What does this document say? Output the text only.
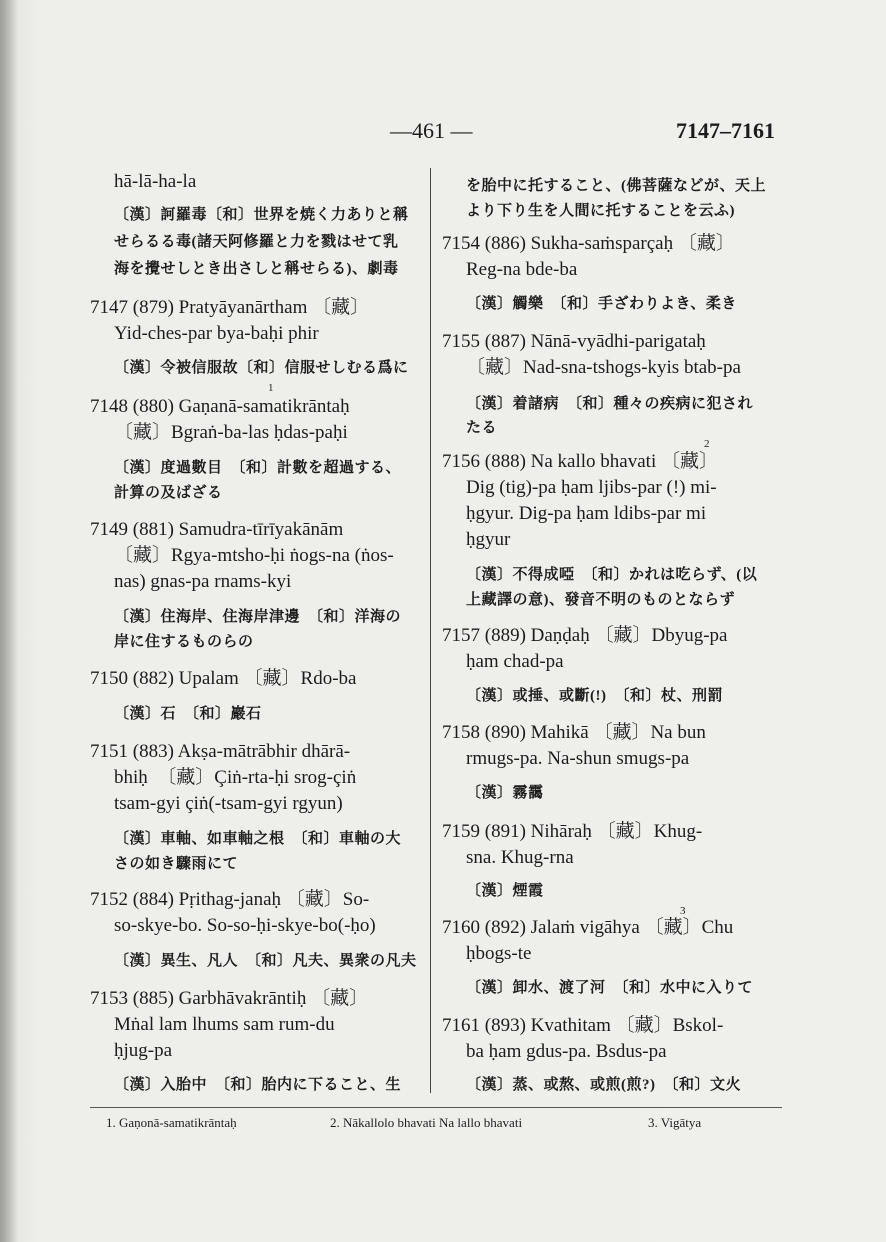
—461 —	7147–7161
hā-lā-ha-la
〔漢〕訶羅毒〔和〕世界を焼く力ありと稱
せらるる毒(諸天阿修羅と力を戮はせて乳
海を攪せしとき出さしと稱せらる)、劇毒
7147 (879) Pratyāyanārtham 〔藏〕
Yid-ches-par bya-baḥi phir
〔漢〕令被信服故〔和〕信服せしむる爲に
1
7148 (880) Gaṇanā-samatikrāntaḥ
〔藏〕Bgraṅ-ba-las ḥdas-paḥi
〔漢〕度過數目　〔和〕計數を超過する、
計算の及ばざる
7149 (881) Samudra-tīrīyakānām
〔藏〕Rgya-mtsho-ḥi ṅogs-na (ṅos-
nas) gnas-pa rnams-kyi
〔漢〕住海岸、住海岸津邊　〔和〕洋海の
岸に住するものらの
7150 (882) Upalam 〔藏〕Rdo-ba
〔漢〕石　〔和〕巖石
7151 (883) Akṣa-mātrābhir dhārā-
bhiḥ　〔藏〕Çiṅ-rta-ḥi srog-çiṅ
tsam-gyi çiṅ(-tsam-gyi rgyun)
〔漢〕車軸、如車軸之根　〔和〕車軸の大
さの如き驟雨にて
7152 (884) Pṛithag-janaḥ 〔藏〕So-
so-skye-bo. So-so-ḥi-skye-bo(-ḥo)
〔漢〕異生、凡人　〔和〕凡夫、異衆の凡夫
7153 (885) Garbhāvakrāntiḥ 〔藏〕
Mṅal lam lhums sam rum-du
ḥjug-pa
〔漢〕入胎中　〔和〕胎内に下ること、生
を胎中に托すること、(佛菩薩などが、天上
より下り生を人間に托することを云ふ)
7154 (886) Sukha-saṁsparçaḥ 〔藏〕
Reg-na bde-ba
〔漢〕觸樂　〔和〕手ざわりよき、柔き
7155 (887) Nānā-vyādhi-parigataḥ
〔藏〕Nad-sna-tshogs-kyis btab-pa
〔漢〕着諸病　〔和〕種々の疾病に犯され
たる
2
7156 (888) Na kallo bhavati 〔藏〕
Dig (tig)-pa ḥam ljibs-par (!) mi-
ḥgyur. Dig-pa ḥam ldibs-par mi
ḥgyur
〔漢〕不得成啞　〔和〕かれは吃らず、(以
上藏譯の意)、發音不明のものとならず
7157 (889) Daṇḍaḥ 〔藏〕Dbyug-pa
ḥam chad-pa
〔漢〕或捶、或斷(!)　〔和〕杖、刑罰
7158 (890) Mahikā 〔藏〕Na bun
rmugs-pa. Na-shun smugs-pa
〔漢〕霧靄
7159 (891) Nihāraḥ 〔藏〕Khug-
sna. Khug-rna
〔漢〕煙霞
3
7160 (892) Jalaṁ vigāhya 〔藏〕Chu
ḥbogs-te
〔漢〕卸水、渡了河　〔和〕水中に入りて
7161 (893) Kvathitam 〔藏〕Bskol-
ba ḥam gdus-pa. Bsdus-pa
〔漢〕蒸、或熬、或煎(煎?)　〔和〕文火
1. Gaṇonā-samatikrāntaḥ	2. Nākallolo bhavati Na lallo bhavati	3. Vigātya
